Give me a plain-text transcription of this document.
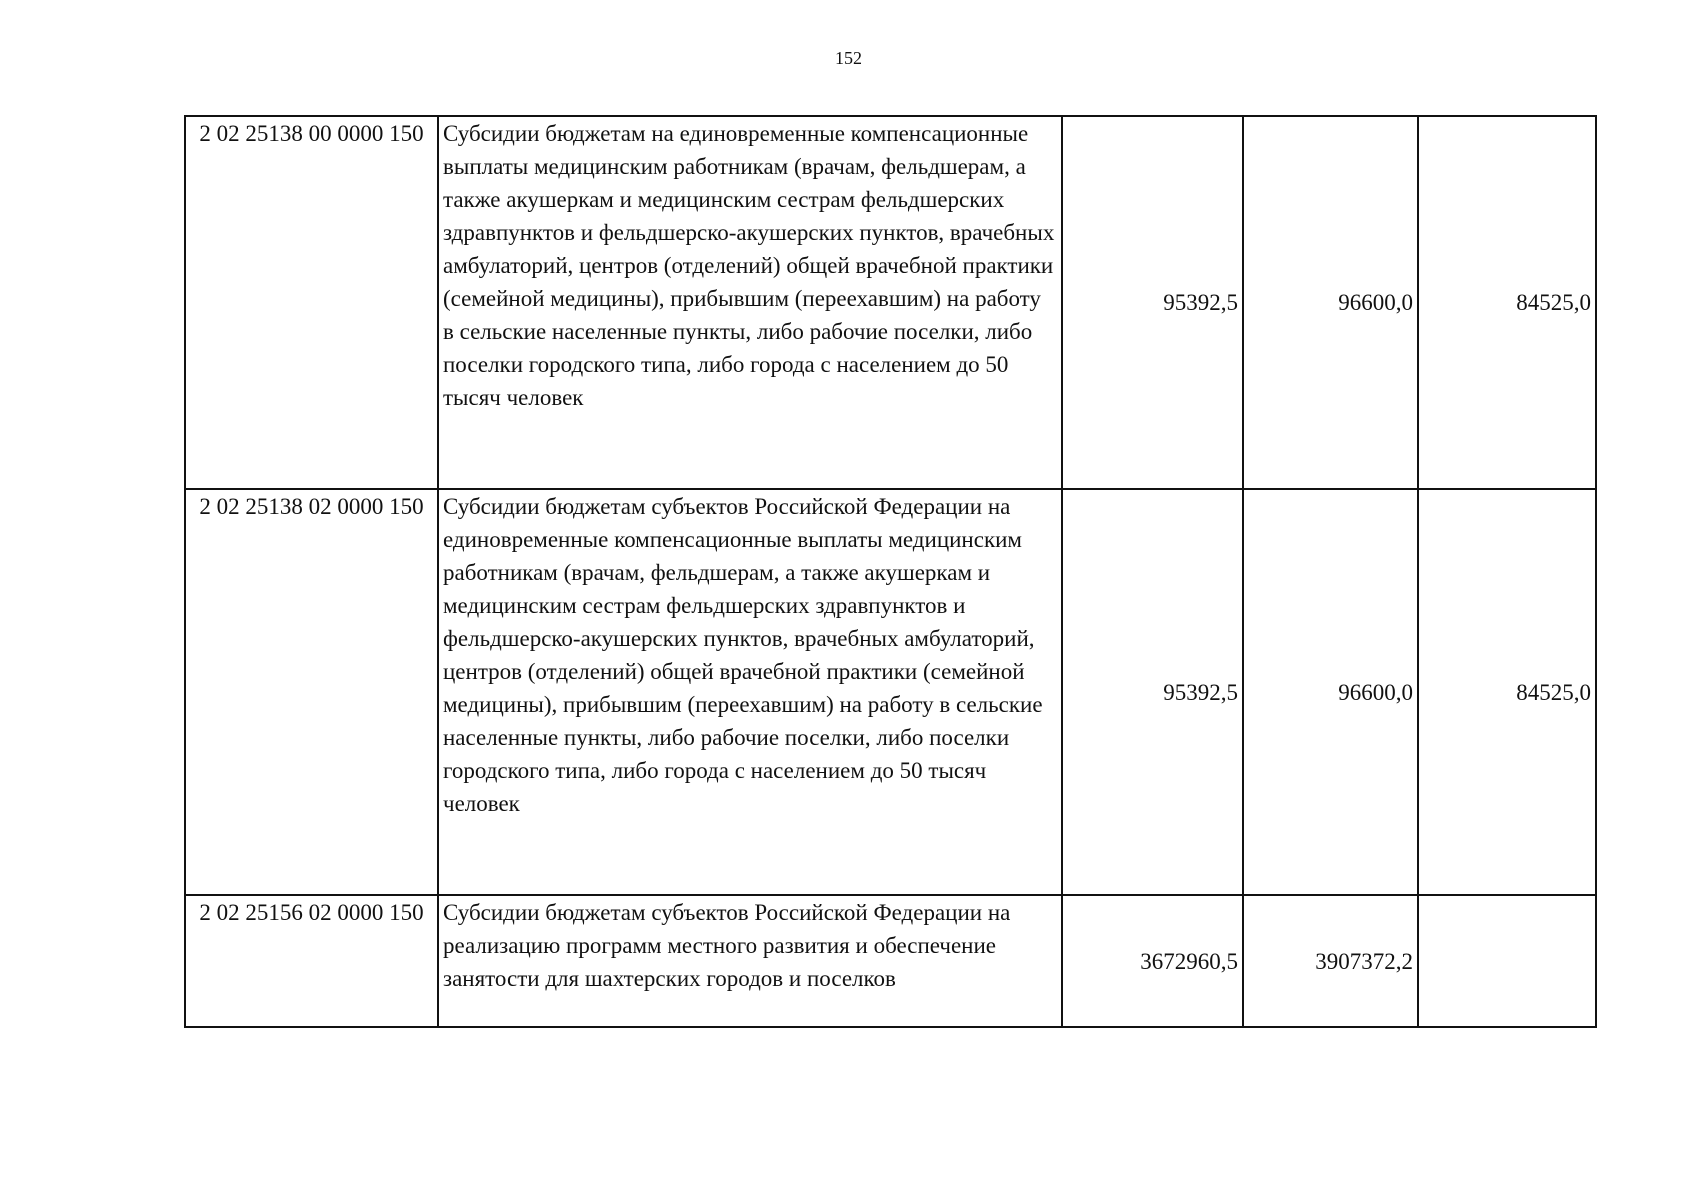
152
2 02 25138 00 0000 150	Субсидии бюджетам на единовременные компенсационные выплаты медицинским работникам (врачам, фельдшерам, а также акушеркам и медицинским сестрам фельдшерских здравпунктов и фельдшерско-акушерских пунктов, врачебных амбулаторий, центров (отделений) общей врачебной практики (семейной медицины), прибывшим (переехавшим) на работу в сельские населенные пункты, либо рабочие поселки, либо поселки городского типа, либо города с населением до 50 тысяч человек	95392,5	96600,0	84525,0
2 02 25138 02 0000 150	Субсидии бюджетам субъектов Российской Федерации на единовременные компенсационные выплаты медицинским работникам (врачам, фельдшерам, а также акушеркам и медицинским сестрам фельдшерских здравпунктов и фельдшерско-акушерских пунктов, врачебных амбулаторий, центров (отделений) общей врачебной практики (семейной медицины), прибывшим (переехавшим) на работу в сельские населенные пункты, либо рабочие поселки, либо поселки городского типа, либо города с населением до 50 тысяч человек	95392,5	96600,0	84525,0
2 02 25156 02 0000 150	Субсидии бюджетам субъектов Российской Федерации на реализацию программ местного развития и обеспечение занятости для шахтерских городов и поселков	3672960,5	3907372,2	
